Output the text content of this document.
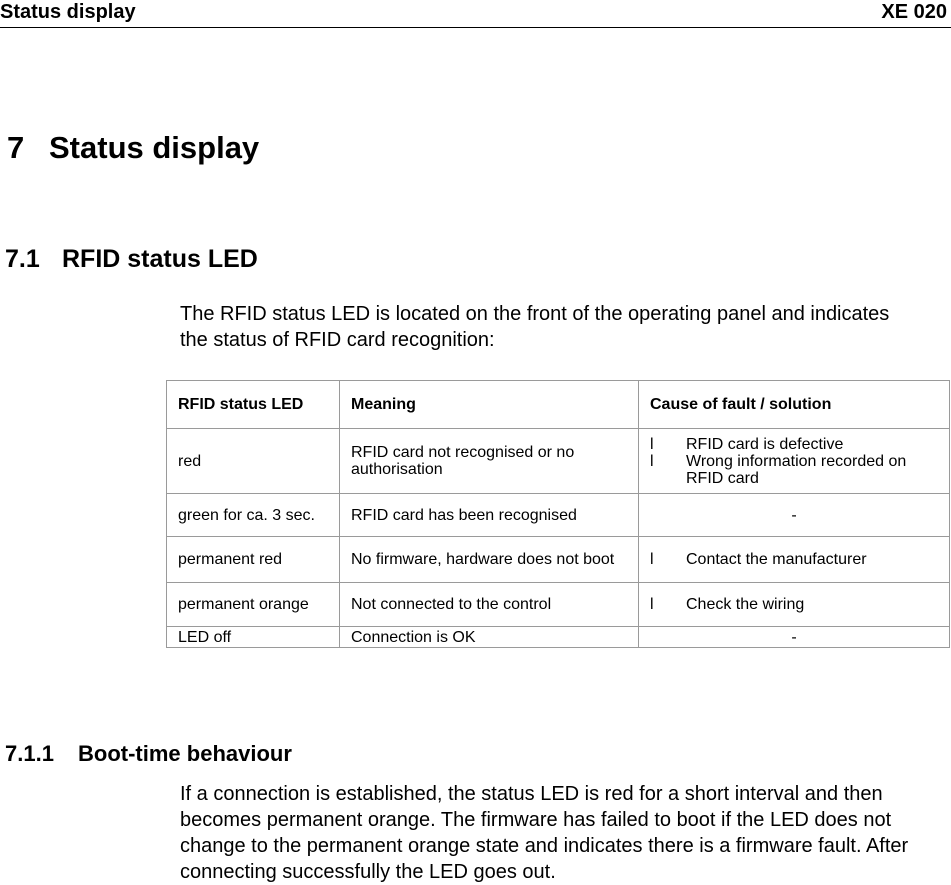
Status display	XE 020
7 Status display
7.1 RFID status LED
The RFID status LED is located on the front of the operating panel and indicates the status of RFID card recognition:
RFID status LED	Meaning	Cause of fault / solution
red	RFID card not recognised or no authorisation	l RFID card is defective
l Wrong information recorded on RFID card

green for ca. 3 sec.	RFID card has been recognised	-
permanent red	No firmware, hardware does not boot	l Contact the manufacturer

permanent orange	Not connected to the control	l Check the wiring

LED off	Connection is OK	-
7.1.1 Boot-time behaviour
If a connection is established, the status LED is red for a short interval and then becomes permanent orange. The firmware has failed to boot if the LED does not change to the permanent orange state and indicates there is a firmware fault. After connecting successfully the LED goes out.
